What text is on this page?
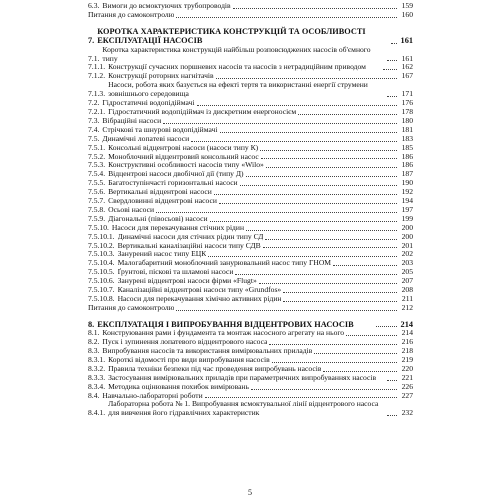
6.3. Вимоги до всмоктуючих трубопроводів	159
Питання до самоконтролю	160
7.
КОРОТКА ХАРАКТЕРИСТИКА КОНСТРУКЦІЙ ТА ОСОБЛИВОСТІ ЕКСПЛУАТАЦІЇ НАСОСІВ	161
7.1.
Коротка характеристика конструкцій найбільш розповсюджених насосів об'ємного типу	161
7.1.1. Конструкції сучасних поршневих насосів та насосів з нетрадиційним приводом	162
7.1.2. Конструкції роторних нагнітачів	167
7.1.3.
Насоси, робота яких базується на ефекті тертя та використанні енергії струмени зовнішнього середовища	171
7.2. Гідростатичні водопідіймачі	176
7.2.1. Гідростатичний водопідіймач із дискретним енергоносієм	178
7.3. Вібраційні насоси	180
7.4. Стрічкові та шнурові водопідіймачі	181
7.5. Динамічні лопатеві насоси	183
7.5.1. Консольні відцентрові насоси (насоси типу К)	185
7.5.2. Моноблочний відцентровий консольний насос	186
7.5.3. Конструктивні особливості насосів типу «Wilo»	186
7.5.4. Відцентрові насоси двобічної дії (типу Д)	187
7.5.5. Багатоступінчасті горизонтальні насоси	190
7.5.6. Вертикальні відцентрові насоси	192
7.5.7. Свердловинні відцентрові насоси	194
7.5.8. Осьові насоси	197
7.5.9. Діагональні (півосьові) насоси	199
7.5.10. Насоси для перекачування стічних рідин	200
7.5.10.1. Динамічні насоси для стічних рідин типу СД	200
7.5.10.2. Вертикальні каналізаційні насоси типу СДВ	201
7.5.10.3. Занурений насос типу ЕЦК	202
7.5.10.4. Малогабаритний моноблочний занурювальний насос типу ГНОМ	203
7.5.10.5. Ґрунтові, піскові та шламові насоси	205
7.5.10.6. Занурені відцентрові насоси фірми «Flugt»	207
7.5.10.7. Каналізаційні відцентрові насоси типу «Grundfos»	208
7.5.10.8. Насоси для перекачування хімічно активних рідин	211
Питання до самоконтролю	212
8. ЕКСПЛУАТАЦІЯ І ВИПРОБУВАННЯ ВІДЦЕНТРОВИХ НАСОСІВ	214
8.1. Конструювання рами і фундамента та монтаж насосного агрегату на нього	214
8.2. Пуск і зупинення лопатевого відцентрового насоса	216
8.3. Випробування насосів та використання вимірювальних приладів	218
8.3.1. Короткі відомості про види випробування насосів	219
8.3.2. Правила техніки безпеки під час проведення випробувань насосів	220
8.3.3. Застосування вимірювальних приладів при параметричних випробуваннях насосів	221
8.3.4. Методика оцінювання похибок вимірювань	226
8.4. Навчально-лабораторні роботи	227
8.4.1.
Лабораторна робота № 1. Випробування всмоктувальної лінії відцентрового насоса для вивчення його гідравлічних характеристик	232
5
